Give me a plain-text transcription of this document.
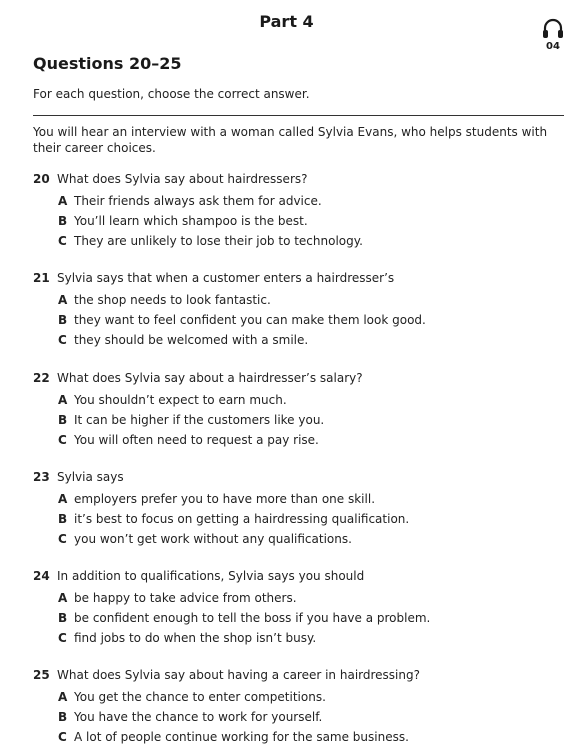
Part 4
04
Questions 20–25
For each question, choose the correct answer.
You will hear an interview with a woman called Sylvia Evans, who helps students with their career choices.
20 What does Sylvia say about hairdressers?
A Their friends always ask them for advice.
B You’ll learn which shampoo is the best.
C They are unlikely to lose their job to technology.
21 Sylvia says that when a customer enters a hairdresser’s
A the shop needs to look fantastic.
B they want to feel confident you can make them look good.
C they should be welcomed with a smile.
22 What does Sylvia say about a hairdresser’s salary?
A You shouldn’t expect to earn much.
B It can be higher if the customers like you.
C You will often need to request a pay rise.
23 Sylvia says
A employers prefer you to have more than one skill.
B it’s best to focus on getting a hairdressing qualification.
C you won’t get work without any qualifications.
24 In addition to qualifications, Sylvia says you should
A be happy to take advice from others.
B be confident enough to tell the boss if you have a problem.
C find jobs to do when the shop isn’t busy.
25 What does Sylvia say about having a career in hairdressing?
A You get the chance to enter competitions.
B You have the chance to work for yourself.
C A lot of people continue working for the same business.
